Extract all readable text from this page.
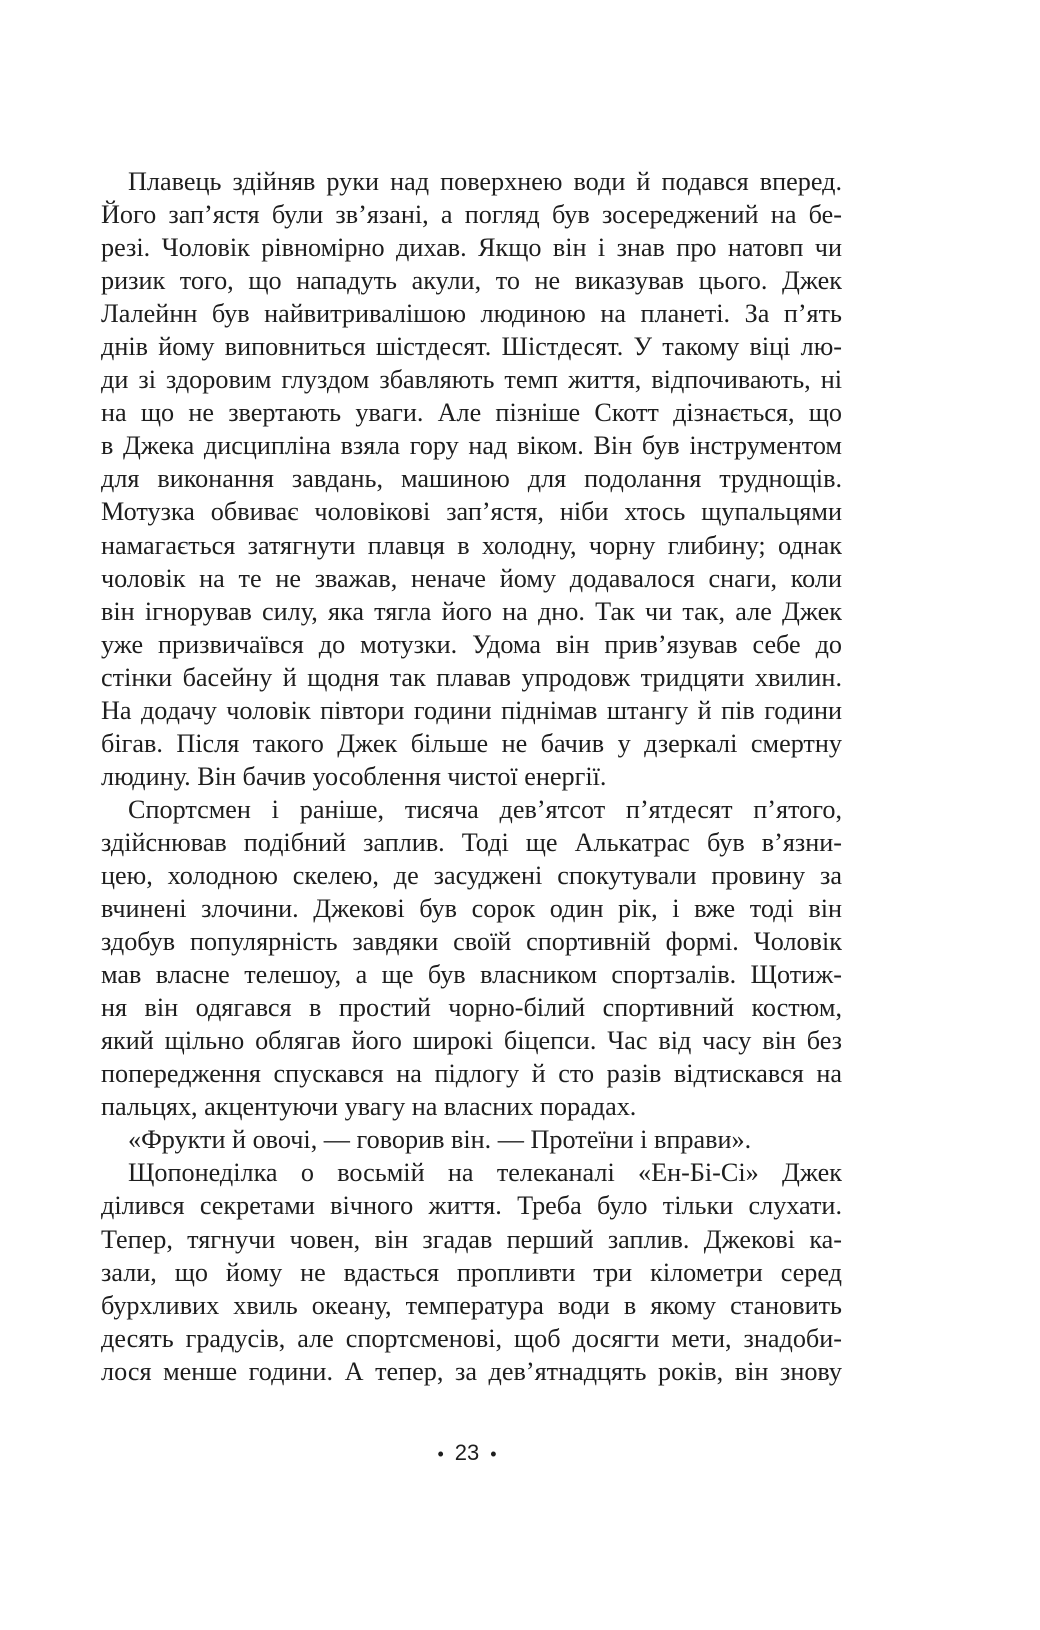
Плавець здійняв руки над поверхнею води й подався вперед.
Його зап’ястя були зв’язані, а погляд був зосереджений на бе-
резі. Чоловік рівномірно дихав. Якщо він і знав про натовп чи
ризик того, що нападуть акули, то не виказував цього. Джек
Лалейнн був найвитривалішою людиною на планеті. За п’ять
днів йому виповниться шістдесят. Шістдесят. У такому віці лю-
ди зі здоровим глуздом збавляють темп життя, відпочивають, ні
на що не звертають уваги. Але пізніше Скотт дізнається, що
в Джека дисципліна взяла гору над віком. Він був інструментом
для виконання завдань, машиною для подолання труднощів.
Мотузка обвиває чоловікові зап’ястя, ніби хтось щупальцями
намагається затягнути плавця в холодну, чорну глибину; однак
чоловік на те не зважав, неначе йому додавалося снаги, коли
він ігнорував силу, яка тягла його на дно. Так чи так, але Джек
уже призвичаївся до мотузки. Удома він прив’язував себе до
стінки басейну й щодня так плавав упродовж тридцяти хвилин.
На додачу чоловік півтори години піднімав штангу й пів години
бігав. Після такого Джек більше не бачив у дзеркалі смертну
людину. Він бачив уособлення чистої енергії.
Спортсмен і раніше, тисяча дев’ятсот п’ятдесят п’ятого,
здійснював подібний заплив. Тоді ще Алькатрас був в’язни-
цею, холодною скелею, де засуджені спокутували провину за
вчинені злочини. Джекові був сорок один рік, і вже тоді він
здобув популярність завдяки своїй спортивній формі. Чоловік
мав власне телешоу, а ще був власником спортзалів. Щотиж-
ня він одягався в простий чорно-білий спортивний костюм,
який щільно облягав його широкі біцепси. Час від часу він без
попередження спускався на підлогу й сто разів відтискався на
пальцях, акцентуючи увагу на власних порадах.
«Фрукти й овочі, — говорив він. — Протеїни і вправи».
Щопонеділка о восьмій на телеканалі «Ен-Бі-Сі» Джек
ділився секретами вічного життя. Треба було тільки слухати.
Тепер, тягнучи човен, він згадав перший заплив. Джекові ка-
зали, що йому не вдасться пропливти три кілометри серед
бурхливих хвиль океану, температура води в якому становить
десять градусів, але спортсменові, щоб досягти мети, знадоби-
лося менше години. А тепер, за дев’ятнадцять років, він знову
• 23 •
